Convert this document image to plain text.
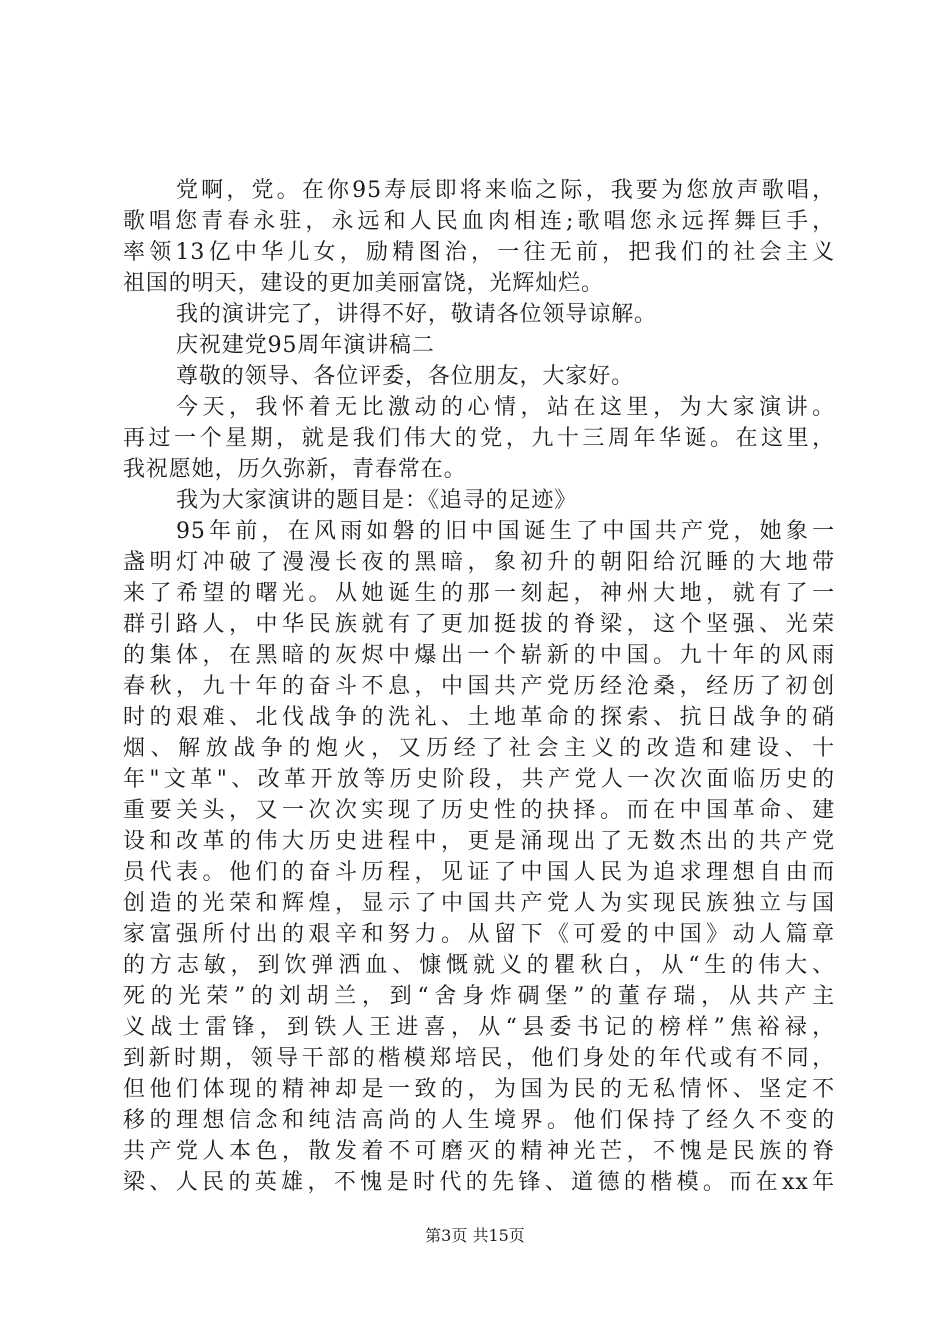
党啊，党。在你95寿辰即将来临之际，我要为您放声歌唱，
歌唱您青春永驻，永远和人民血肉相连;歌唱您永远挥舞巨手，
率领13亿中华儿女，励精图治，一往无前，把我们的社会主义
祖国的明天，建设的更加美丽富饶，光辉灿烂。
我的演讲完了，讲得不好，敬请各位领导谅解。
庆祝建党95周年演讲稿二
尊敬的领导、各位评委，各位朋友，大家好。
今天，我怀着无比激动的心情，站在这里，为大家演讲。
再过一个星期，就是我们伟大的党，九十三周年华诞。在这里，
我祝愿她，历久弥新，青春常在。
我为大家演讲的题目是：《追寻的足迹》
95年前，在风雨如磐的旧中国诞生了中国共产党，她象一
盏明灯冲破了漫漫长夜的黑暗，象初升的朝阳给沉睡的大地带
来了希望的曙光。从她诞生的那一刻起，神州大地，就有了一
群引路人，中华民族就有了更加挺拔的脊梁，这个坚强、光荣
的集体，在黑暗的灰烬中爆出一个崭新的中国。九十年的风雨
春秋，九十年的奋斗不息，中国共产党历经沧桑，经历了初创
时的艰难、北伐战争的洗礼、土地革命的探索、抗日战争的硝
烟、解放战争的炮火，又历经了社会主义的改造和建设、十
年"文革"、改革开放等历史阶段，共产党人一次次面临历史的
重要关头，又一次次实现了历史性的抉择。而在中国革命、建
设和改革的伟大历史进程中，更是涌现出了无数杰出的共产党
员代表。他们的奋斗历程，见证了中国人民为追求理想自由而
创造的光荣和辉煌，显示了中国共产党人为实现民族独立与国
家富强所付出的艰辛和努力。从留下《可爱的中国》动人篇章
的方志敏，到饮弹洒血、慷慨就义的瞿秋白，从“生的伟大、
死的光荣”的刘胡兰，到“舍身炸碉堡”的董存瑞，从共产主
义战士雷锋，到铁人王进喜，从“县委书记的榜样”焦裕禄，
到新时期，领导干部的楷模郑培民，他们身处的年代或有不同，
但他们体现的精神却是一致的，为国为民的无私情怀、坚定不
移的理想信念和纯洁高尚的人生境界。他们保持了经久不变的
共产党人本色，散发着不可磨灭的精神光芒，不愧是民族的脊
梁、人民的英雄，不愧是时代的先锋、道德的楷模。而在xx年
第3页 共15页
